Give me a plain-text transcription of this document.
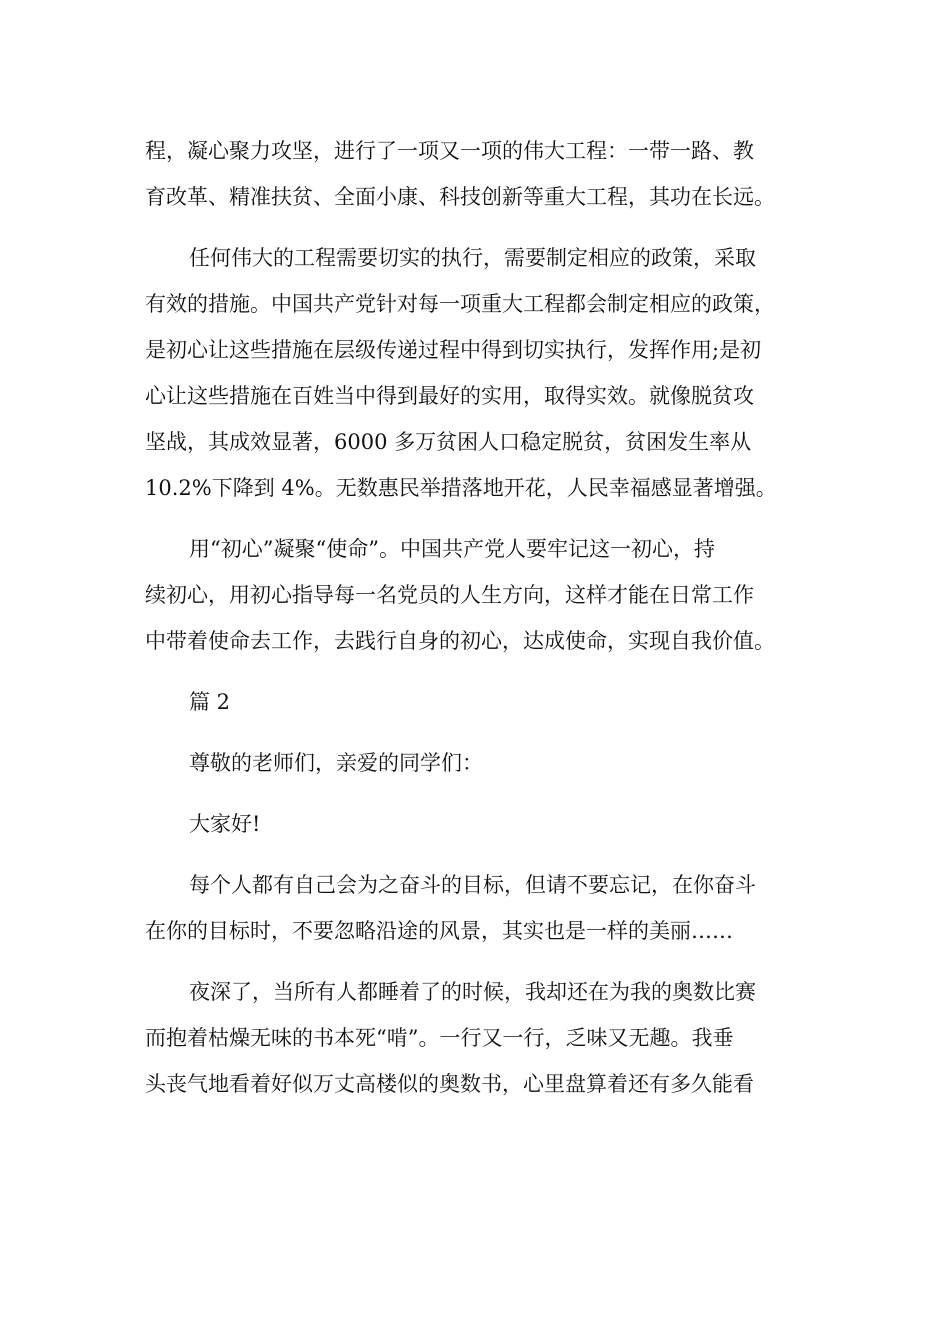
程，凝心聚力攻坚，进行了一项又一项的伟大工程：一带一路、教
育改革、精准扶贫、全面小康、科技创新等重大工程，其功在长远。
任何伟大的工程需要切实的执行，需要制定相应的政策，采取
有效的措施。中国共产党针对每一项重大工程都会制定相应的政策，
是初心让这些措施在层级传递过程中得到切实执行，发挥作用;是初
心让这些措施在百姓当中得到最好的实用，取得实效。就像脱贫攻
坚战，其成效显著，6000 多万贫困人口稳定脱贫，贫困发生率从
10.2%下降到 4%。无数惠民举措落地开花，人民幸福感显著增强。
用“初心”凝聚“使命”。中国共产党人要牢记这一初心，持
续初心，用初心指导每一名党员的人生方向，这样才能在日常工作
中带着使命去工作，去践行自身的初心，达成使命，实现自我价值。
篇 2
尊敬的老师们，亲爱的同学们：
大家好!
每个人都有自己会为之奋斗的目标，但请不要忘记，在你奋斗
在你的目标时，不要忽略沿途的风景，其实也是一样的美丽……
夜深了，当所有人都睡着了的时候，我却还在为我的奥数比赛
而抱着枯燥无味的书本死“啃”。一行又一行，乏味又无趣。我垂
头丧气地看着好似万丈高楼似的奥数书，心里盘算着还有多久能看
